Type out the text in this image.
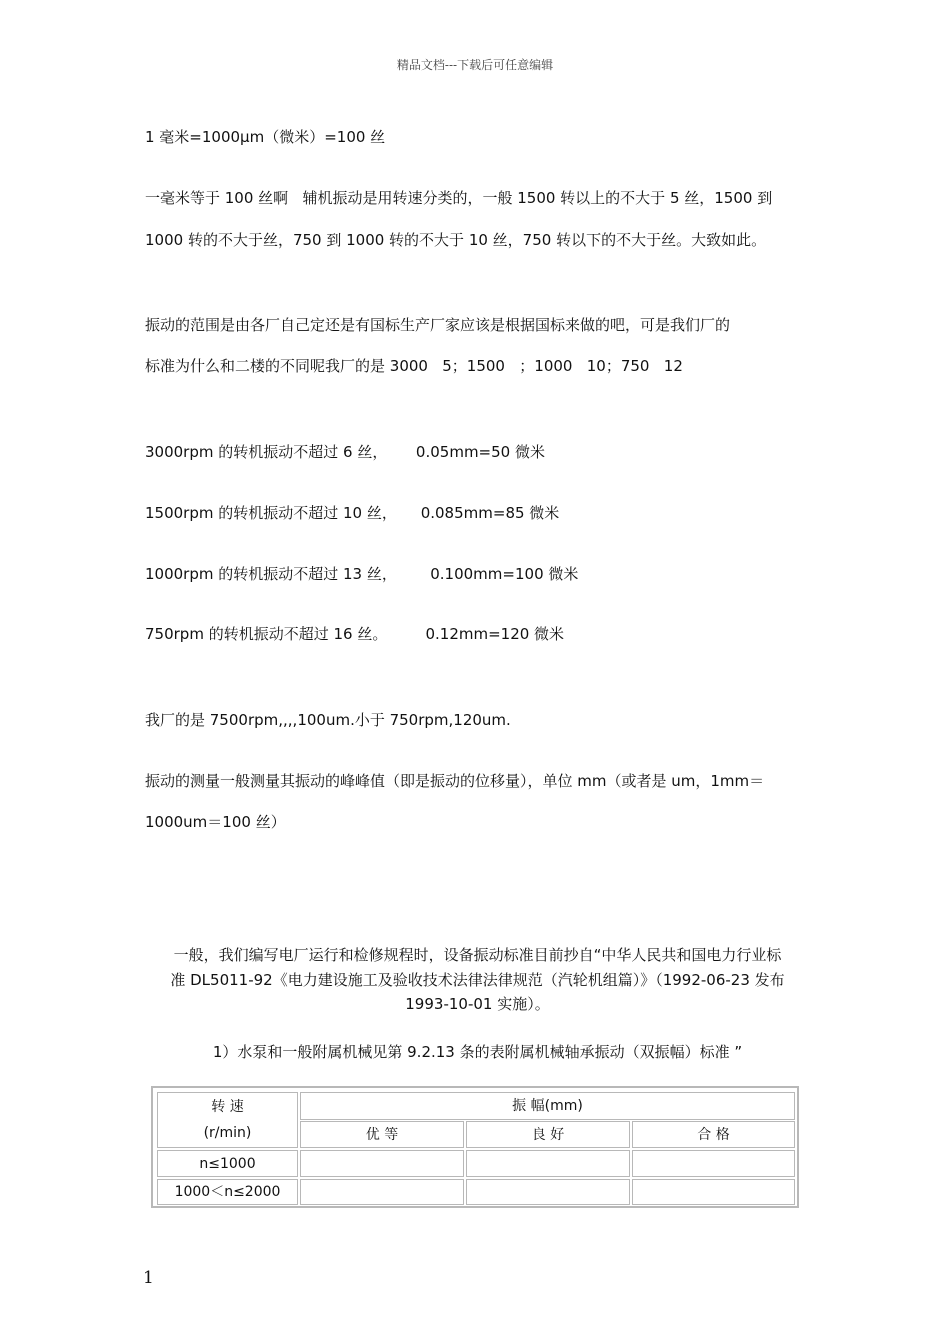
精品文档---下载后可任意编辑
1 毫米=1000μm（微米）=100 丝
一毫米等于 100 丝啊   辅机振动是用转速分类的，一般 1500 转以上的不大于 5 丝，1500 到
1000 转的不大于丝，750 到 1000 转的不大于 10 丝，750 转以下的不大于丝。大致如此。
振动的范围是由各厂自己定还是有国标生产厂家应该是根据国标来做的吧，可是我们厂的
标准为什么和二楼的不同呢我厂的是 3000   5；1500   ；1000   10；750   12
3000rpm 的转机振动不超过 6 丝，      0.05mm=50 微米
1500rpm 的转机振动不超过 10 丝，     0.085mm=85 微米
1000rpm 的转机振动不超过 13 丝，       0.100mm=100 微米
750rpm 的转机振动不超过 16 丝。        0.12mm=120 微米
我厂的是 7500rpm,,,,100um.小于 750rpm,120um.
振动的测量一般测量其振动的峰峰值（即是振动的位移量），单位 mm（或者是 um，1mm＝
1000um＝100 丝）
一般，我们编写电厂运行和检修规程时，设备振动标准目前抄自“中华人民共和国电力行业标
准 DL5011-92《电力建设施工及验收技术法律法律规范（汽轮机组篇）》（1992-06-23 发布
1993-10-01 实施）。
1）水泵和一般附属机械见第 9.2.13 条的表附属机械轴承振动（双振幅）标准 ”
转 速
(r/min)
振 幅(mm)
优 等	良 好	合 格
n≤1000
1000＜n≤2000
1
